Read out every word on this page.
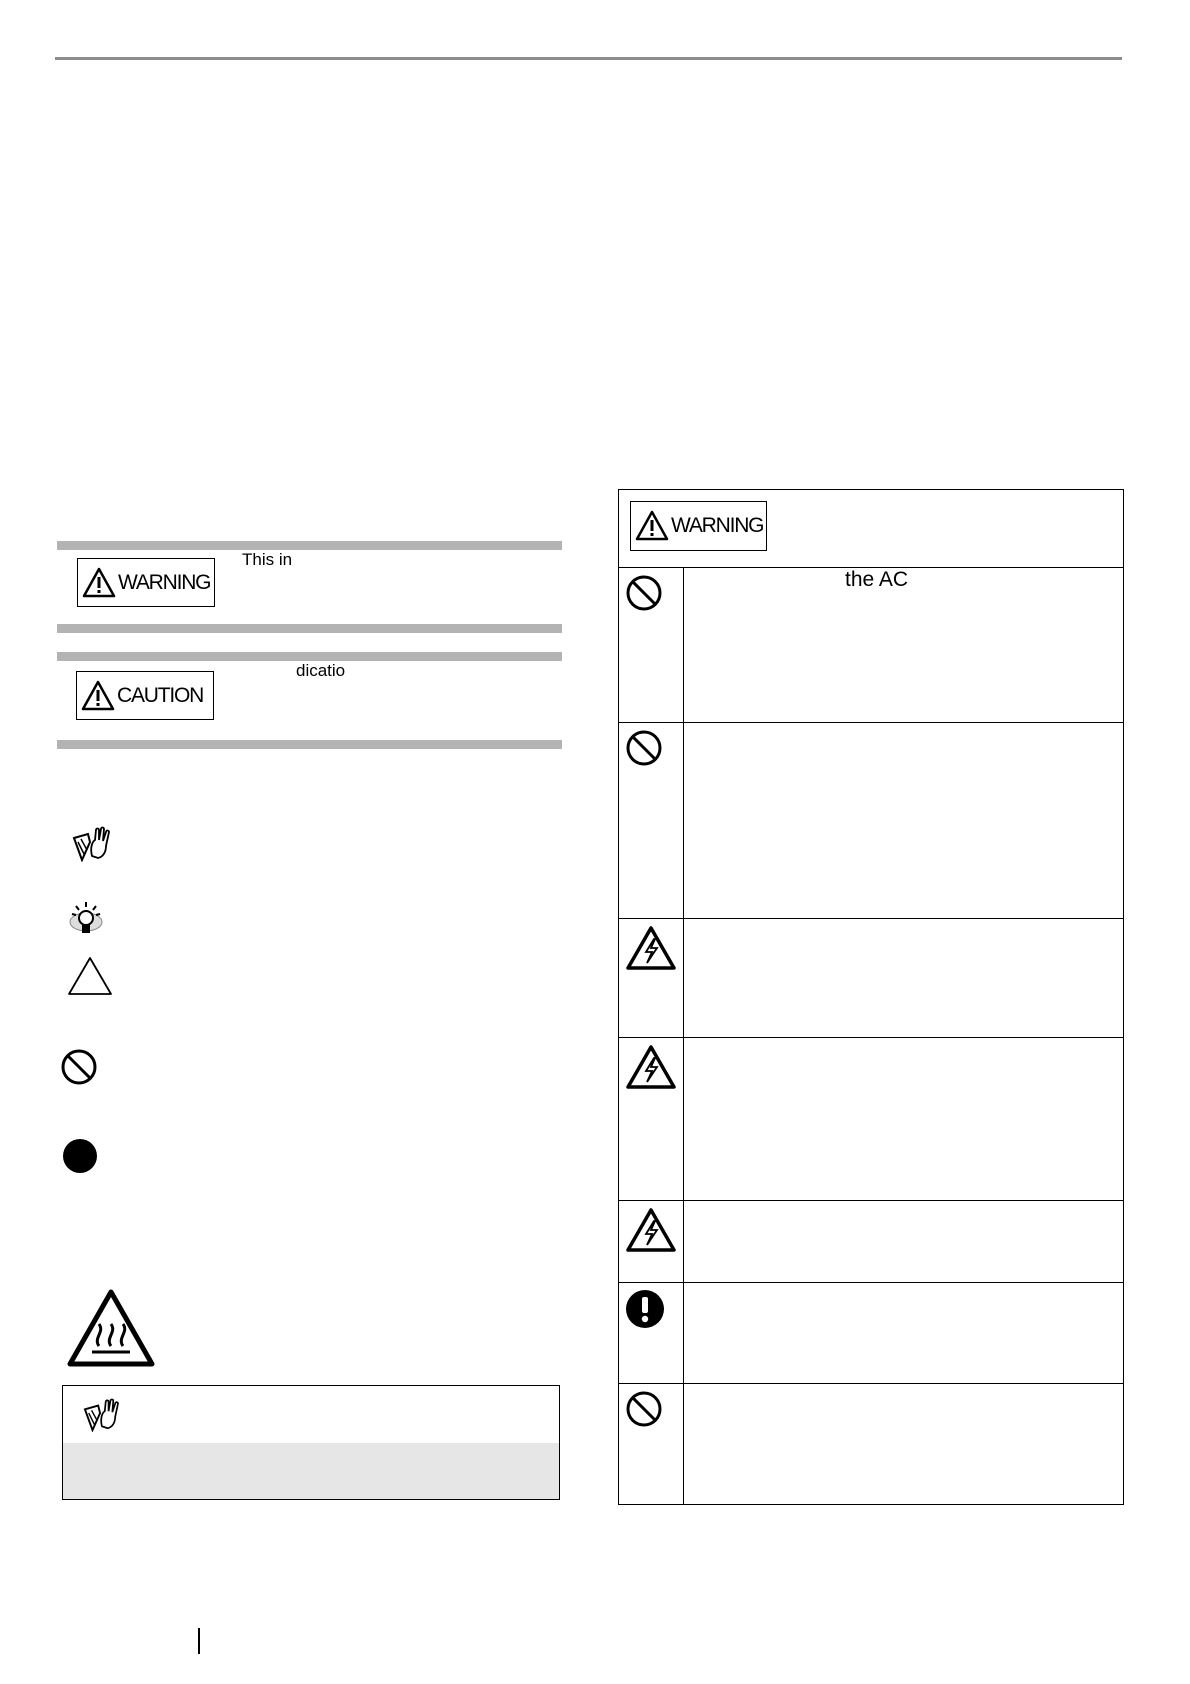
WARNING
This in
CAUTION
dicatio
WARNING
the AC
